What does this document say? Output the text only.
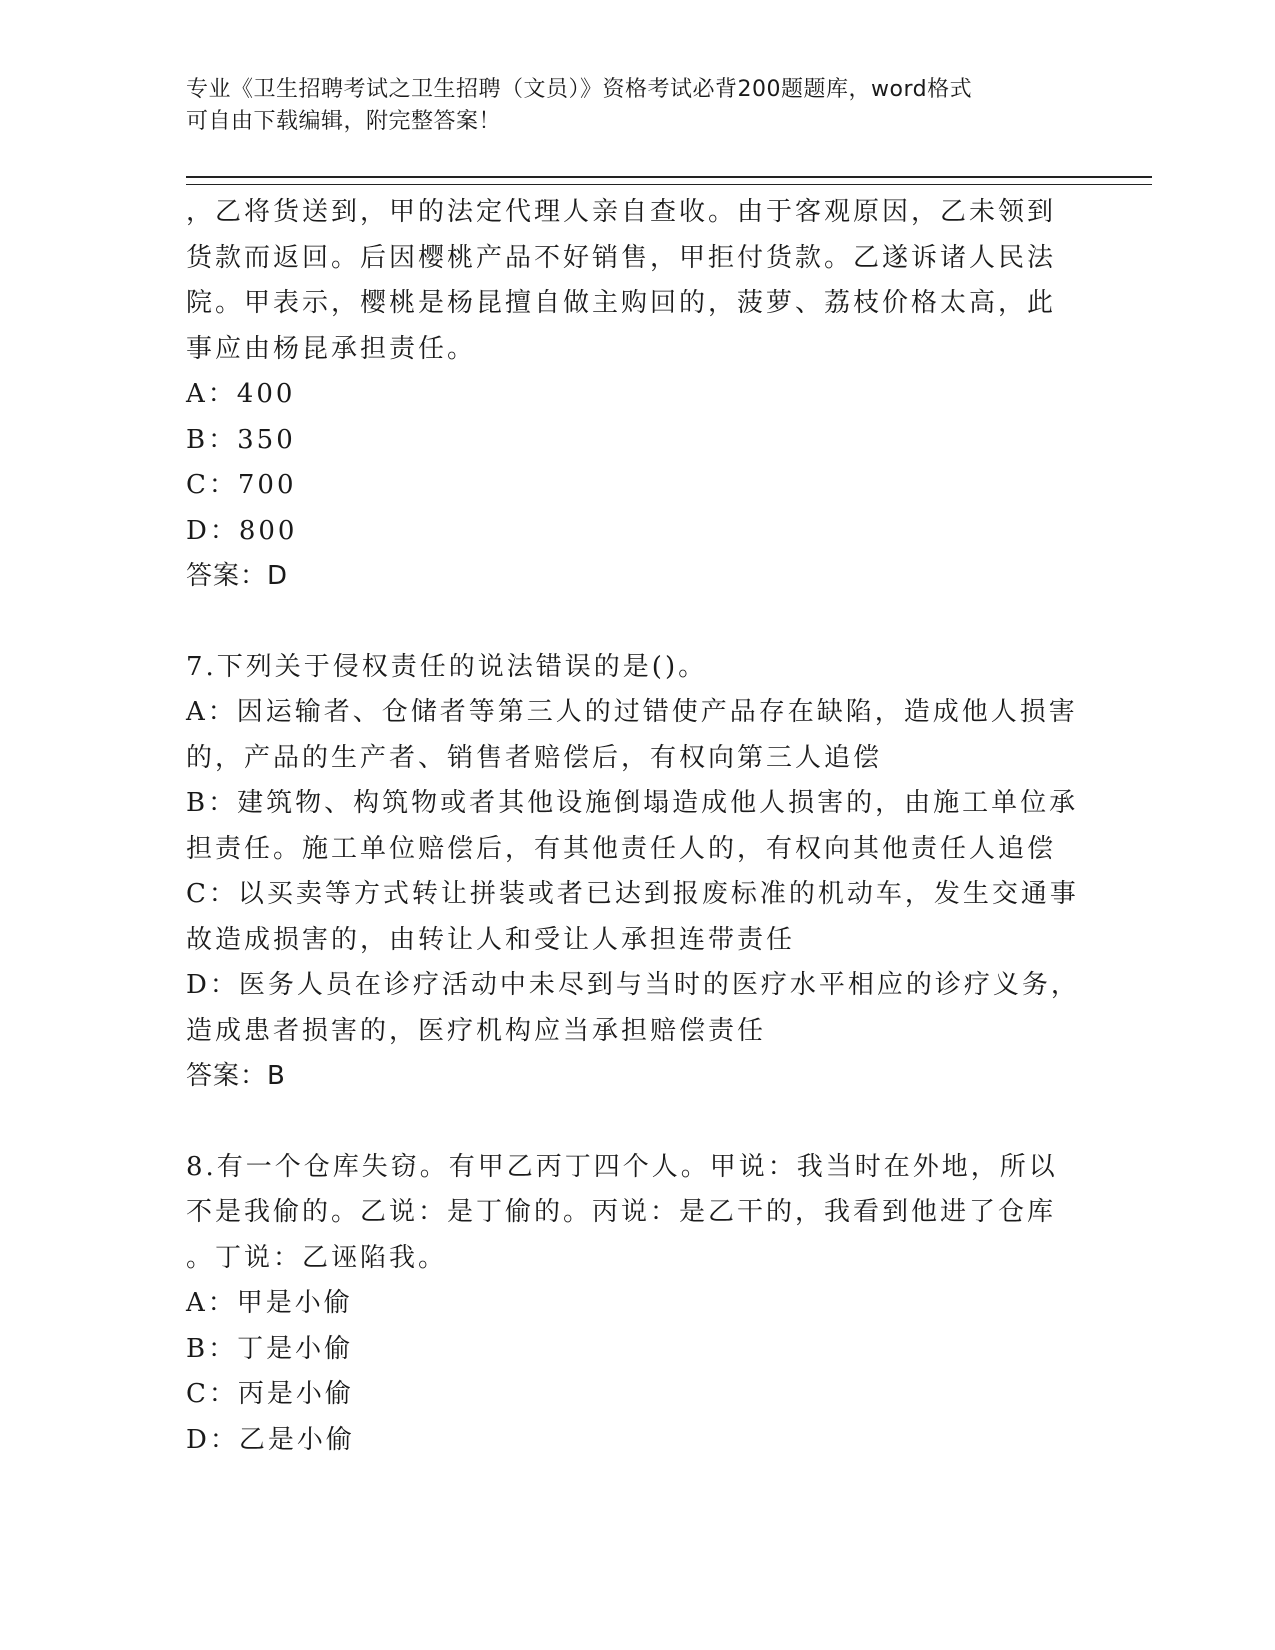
专业《卫生招聘考试之卫生招聘（文员）》资格考试必背200题题库，word格式
可自由下载编辑，附完整答案！
，乙将货送到，甲的法定代理人亲自查收。由于客观原因，乙未领到
货款而返回。后因樱桃产品不好销售，甲拒付货款。乙遂诉诸人民法
院。甲表示，樱桃是杨昆擅自做主购回的，菠萝、荔枝价格太高，此
事应由杨昆承担责任。
A：400
B：350
C：700
D：800
答案：D
7.下列关于侵权责任的说法错误的是()。
A：因运输者、仓储者等第三人的过错使产品存在缺陷，造成他人损害
的，产品的生产者、销售者赔偿后，有权向第三人追偿
B：建筑物、构筑物或者其他设施倒塌造成他人损害的，由施工单位承
担责任。施工单位赔偿后，有其他责任人的，有权向其他责任人追偿
C：以买卖等方式转让拼装或者已达到报废标准的机动车，发生交通事
故造成损害的，由转让人和受让人承担连带责任
D：医务人员在诊疗活动中未尽到与当时的医疗水平相应的诊疗义务，
造成患者损害的，医疗机构应当承担赔偿责任
答案：B
8.有一个仓库失窃。有甲乙丙丁四个人。甲说：我当时在外地，所以
不是我偷的。乙说：是丁偷的。丙说：是乙干的，我看到他进了仓库
。丁说：乙诬陷我。
A：甲是小偷
B：丁是小偷
C：丙是小偷
D：乙是小偷
